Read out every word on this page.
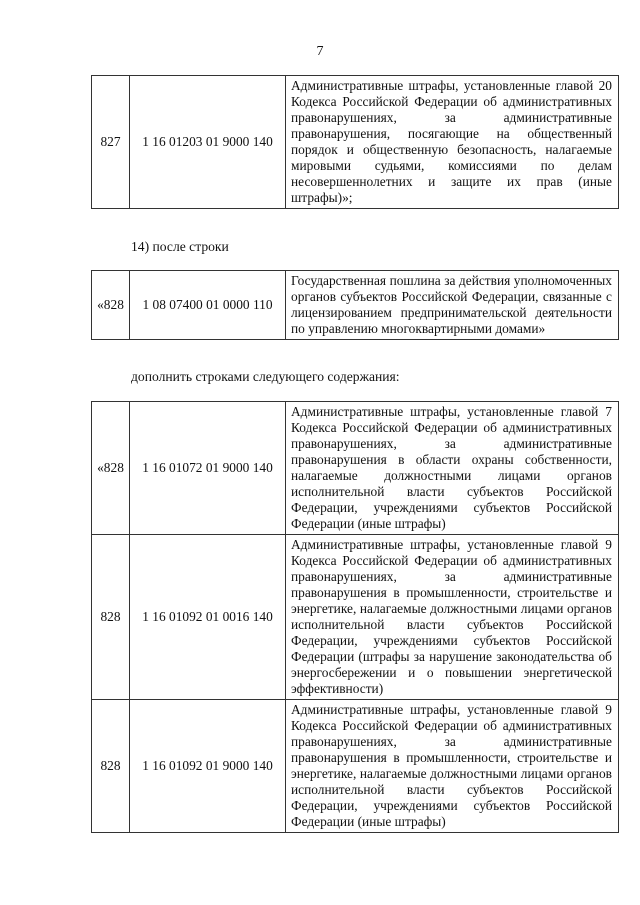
7
827	1 16 01203 01 9000 140	Административные штрафы, установленные главой 20 Кодекса Российской Федерации об административных правонарушениях, за административные правонарушения, посягающие на общественный порядок и общественную безопасность, налагаемые мировыми судьями, комиссиями по делам несовершеннолетних и защите их прав (иные штрафы)»;
14) после строки
«828	1 08 07400 01 0000 110	Государственная пошлина за действия уполномоченных органов субъектов Российской Федерации, связанные с лицензированием предпринимательской деятельности по управлению многоквартирными домами»
дополнить строками следующего содержания:
«828	1 16 01072 01 9000 140	Административные штрафы, установленные главой 7 Кодекса Российской Федерации об административных правонарушениях, за административные правонарушения в области охраны собственности, налагаемые должностными лицами органов исполнительной власти субъектов Российской Федерации, учреждениями субъектов Российской Федерации (иные штрафы)
828	1 16 01092 01 0016 140	Административные штрафы, установленные главой 9 Кодекса Российской Федерации об административных правонарушениях, за административные правонарушения в промышленности, строительстве и энергетике, налагаемые должностными лицами органов исполнительной власти субъектов Российской Федерации, учреждениями субъектов Российской Федерации (штрафы за нарушение законодательства об энергосбережении и о повышении энергетической эффективности)
828	1 16 01092 01 9000 140	Административные штрафы, установленные главой 9 Кодекса Российской Федерации об административных правонарушениях, за административные правонарушения в промышленности, строительстве и энергетике, налагаемые должностными лицами органов исполнительной власти субъектов Российской Федерации, учреждениями субъектов Российской Федерации (иные штрафы)
